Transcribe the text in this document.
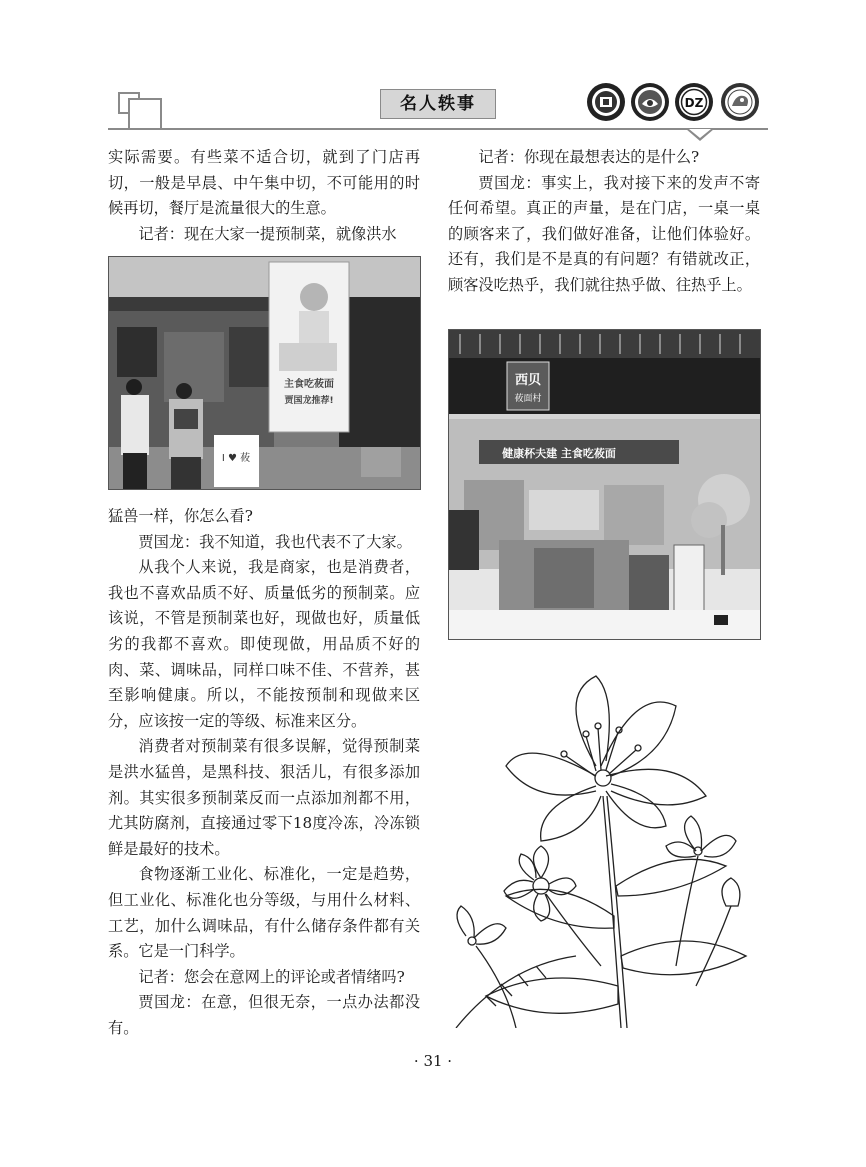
名人轶事	DZ

实际需要。有些菜不适合切，就到了门店再切，一般是早晨、中午集中切，不可能用的时候再切，餐厅是流量很大的生意。

记者：现在大家一提预制菜，就像洪水

主食吃莜面
贾国龙推荐!
I ♥ 莜

猛兽一样，你怎么看?

贾国龙：我不知道，我也代表不了大家。

从我个人来说，我是商家，也是消费者，我也不喜欢品质不好、质量低劣的预制菜。应该说，不管是预制菜也好，现做也好，质量低劣的我都不喜欢。即使现做，用品质不好的肉、菜、调味品，同样口味不佳、不营养，甚至影响健康。所以，不能按预制和现做来区分，应该按一定的等级、标准来区分。

消费者对预制菜有很多误解，觉得预制菜是洪水猛兽，是黑科技、狠活儿，有很多添加剂。其实很多预制菜反而一点添加剂都不用，尤其防腐剂，直接通过零下18度冷冻，冷冻锁鲜是最好的技术。

食物逐渐工业化、标准化，一定是趋势，但工业化、标准化也分等级，与用什么材料、工艺，加什么调味品，有什么储存条件都有关系。它是一门科学。

记者：您会在意网上的评论或者情绪吗?

贾国龙：在意，但很无奈，一点办法都没有。

记者：你现在最想表达的是什么?

贾国龙：事实上，我对接下来的发声不寄任何希望。真正的声量，是在门店，一桌一桌的顾客来了，我们做好准备，让他们体验好。还有，我们是不是真的有问题？有错就改正，顾客没吃热乎，我们就往热乎做、往热乎上。

西贝
莜面村
健康杯夫建 主食吃莜面
· 31 ·
